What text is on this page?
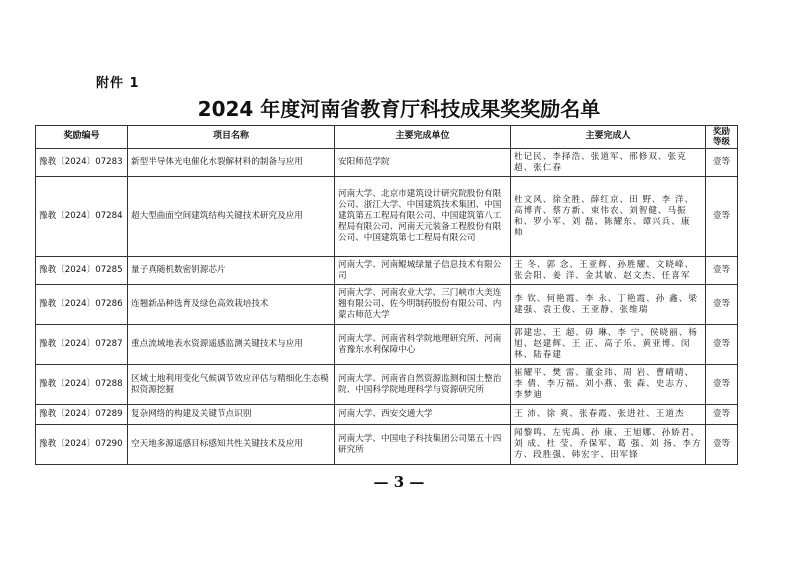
附件 1
2024 年度河南省教育厅科技成果奖奖励名单
奖励编号	项目名称	主要完成单位	主要完成人	奖励等级
豫教〔2024〕07283	新型半导体光电催化水裂解材料的制备与应用	安阳师范学院	杜记民、李择浩、张道军、邢修双、张克超、张仁春	壹等
豫教〔2024〕07284	超大型曲面空间建筑结构关键技术研究及应用	河南大学、北京市建筑设计研究院股份有限公司、浙江大学、中国建筑技术集团、中国建筑第五工程局有限公司、中国建筑第八工程局有限公司、河南天元装备工程股份有限公司、中国建筑第七工程局有限公司	杜文风、徐全胜、薛红京、田 野、李 洋、高博青、蔡方新、束伟农、刘智健、马振和、罗小军、刘 磊、陈耀东、谭兴兵、康 帅	壹等
豫教〔2024〕07285	量子真随机数密钥源芯片	河南大学、河南鲲城绿量子信息技术有限公司	王 冬、郭 念、王亚辉、孙胜耀、文晓峰、张会阳、姜 洋、金其敏、赵文杰、任喜军	壹等
豫教〔2024〕07286	连翘新品种选育及绿色高效栽培技术	河南大学、河南农业大学、三门峡市大美连翘有限公司、佐今明制药股份有限公司、内蒙古师范大学	李 钦、何艳霞、李 永、丁艳霞、孙 鑫、梁建强、袁王俊、王亚静、张维瑞	壹等
豫教〔2024〕07287	重点流域地表水资源遥感监测关键技术与应用	河南大学、河南省科学院地理研究所、河南省豫东水利保障中心	郭建忠、王 超、毋 琳、李 宁、侯晓丽、杨 旭、赵建辉、王 正、高子乐、黄亚博、闵 林、陆春建	壹等
豫教〔2024〕07288	区域土地利用变化气候调节效应评估与精细化生态模拟资源挖掘	河南大学、河南省自然资源监测和国土整治院、中国科学院地理科学与资源研究所	崔耀平、樊 雷、董金玮、周 岩、曹晴晴、李 倩、李万福、刘小燕、张 森、史志方、李梦迪	壹等
豫教〔2024〕07289	复杂网络的构建及关键节点识别	河南大学、西安交通大学	王 沛、徐 爽、张春霞、张进社、王道杰	壹等
豫教〔2024〕07290	空天地多源遥感目标感知共性关键技术及应用	河南大学、中国电子科技集团公司第五十四研究所	闻黎鸣、左宪禹、孙 康、王旭娜、孙娇君、刘 成、杜 莹、乔保军、葛 强、刘 扬、李方方、段胜强、韩宏宇、田军锋	壹等
— 3 —
